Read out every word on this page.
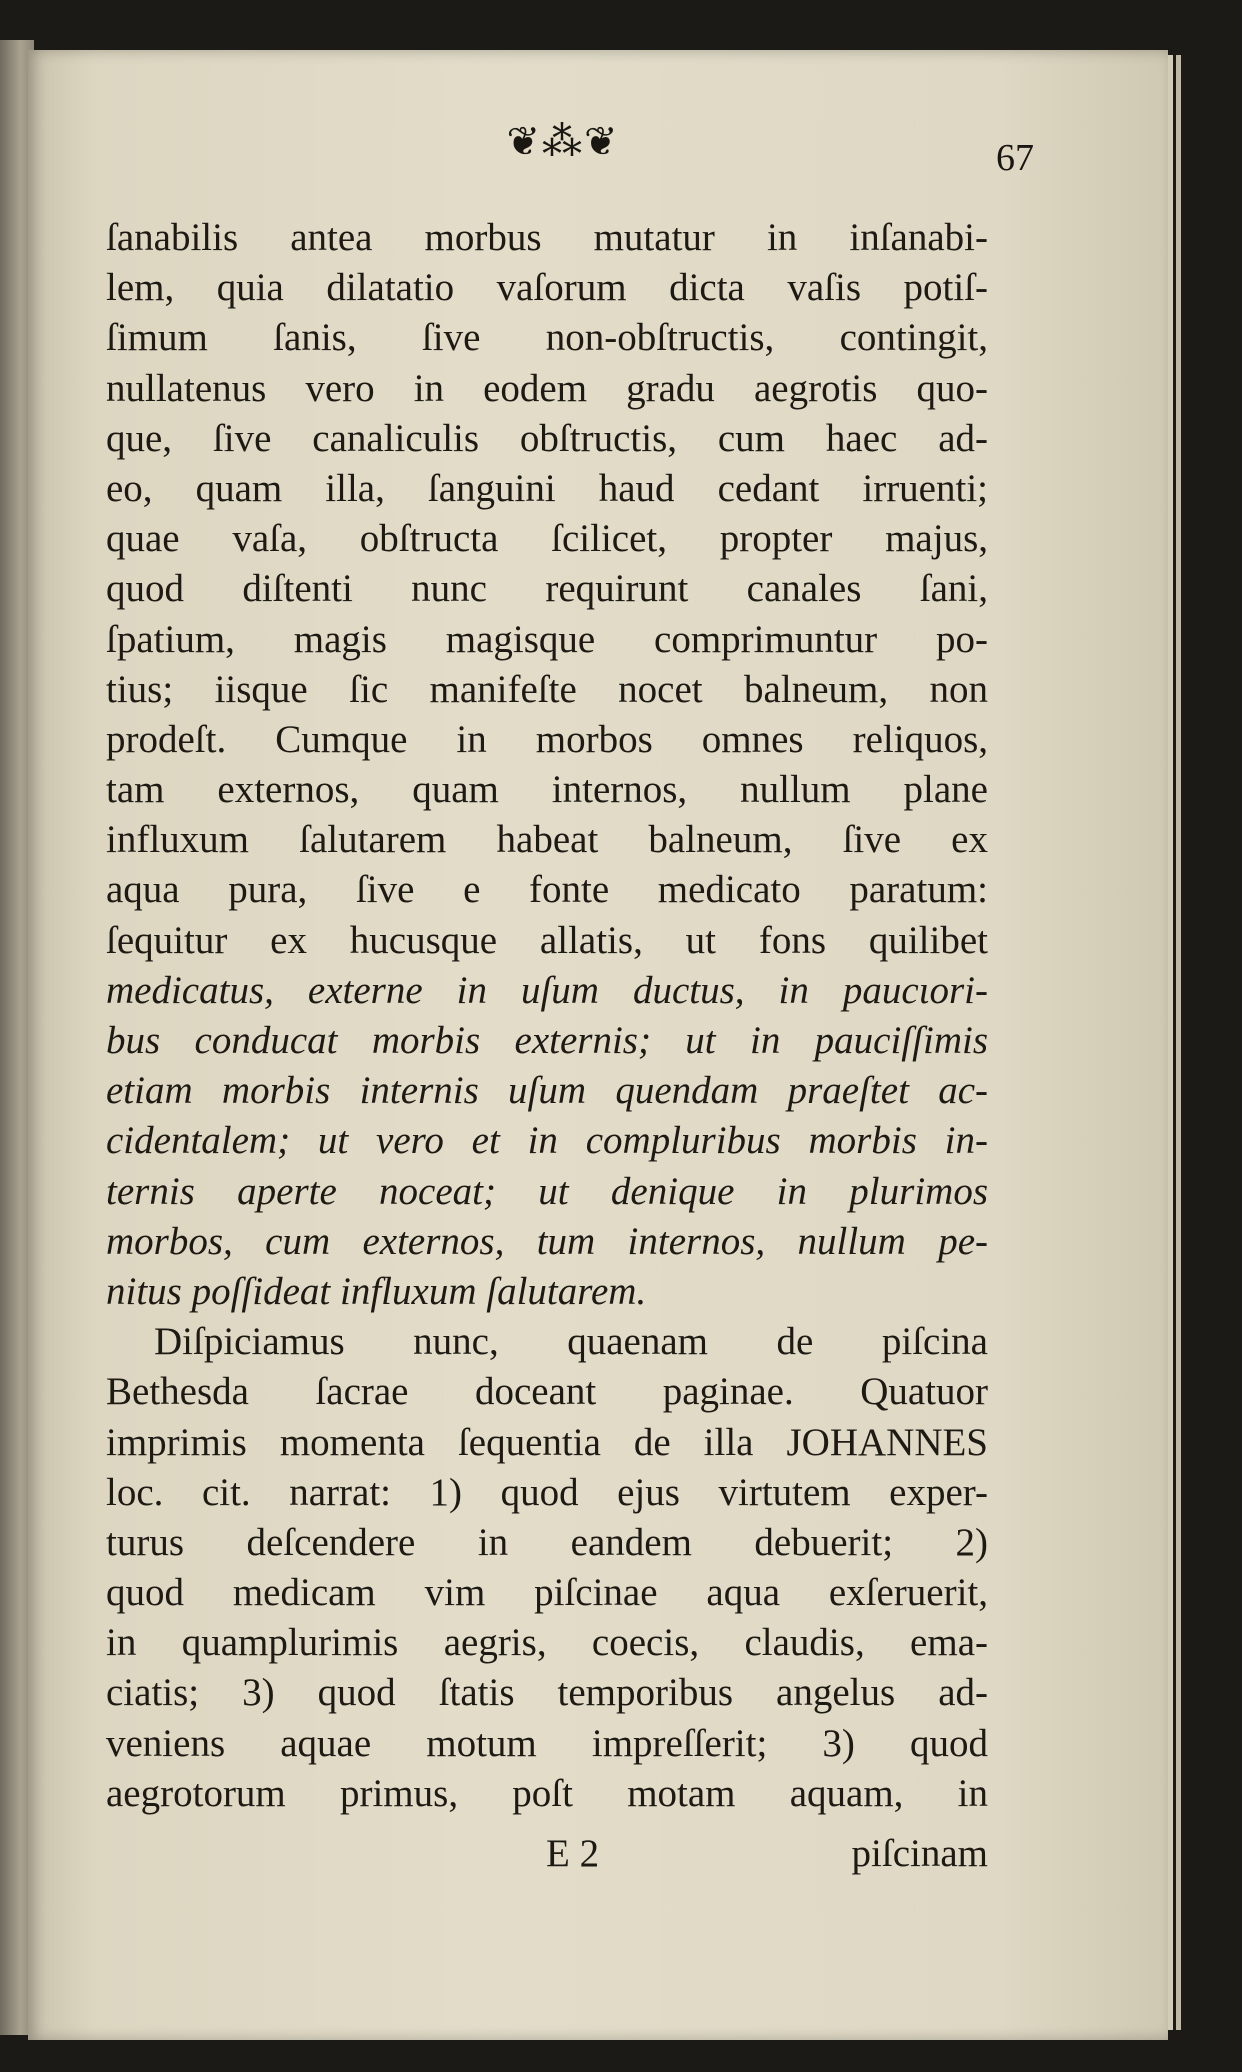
❦⁂❦	67
ſanabilis antea morbus mutatur in inſanabi-
lem, quia dilatatio vaſorum dicta vaſis potiſ-
ſimum ſanis, ſive non-obſtructis, contingit,
nullatenus vero in eodem gradu aegrotis quo-
que, ſive canaliculis obſtructis, cum haec ad-
eo, quam illa, ſanguini haud cedant irruenti;
quae vaſa, obſtructa ſcilicet, propter majus,
quod diſtenti nunc requirunt canales ſani,
ſpatium, magis magisque comprimuntur po-
tius; iisque ſic manifeſte nocet balneum, non
prodeſt. Cumque in morbos omnes reliquos,
tam externos, quam internos, nullum plane
influxum ſalutarem habeat balneum, ſive ex
aqua pura, ſive e fonte medicato paratum:
ſequitur ex hucusque allatis, ut fons quilibet
medicatus, externe in uſum ductus, in paucιori-
bus conducat morbis externis; ut in pauciſſimis
etiam morbis internis uſum quendam praeſtet ac-
cidentalem; ut vero et in compluribus morbis in-
ternis aperte noceat; ut denique in plurimos
morbos, cum externos, tum internos, nullum pe-
nitus poſſideat influxum ſalutarem.
Diſpiciamus nunc, quaenam de piſcina
Bethesda ſacrae doceant paginae. Quatuor
imprimis momenta ſequentia de illa JOHANNES
loc. cit. narrat: 1) quod ejus virtutem exper-
turus deſcendere in eandem debuerit; 2)
quod medicam vim piſcinae aqua exſeruerit,
in quamplurimis aegris, coecis, claudis, ema-
ciatis; 3) quod ſtatis temporibus angelus ad-
veniens aquae motum impreſſerit; 3) quod
aegrotorum primus, poſt motam aquam, in
E 2	piſcinam
